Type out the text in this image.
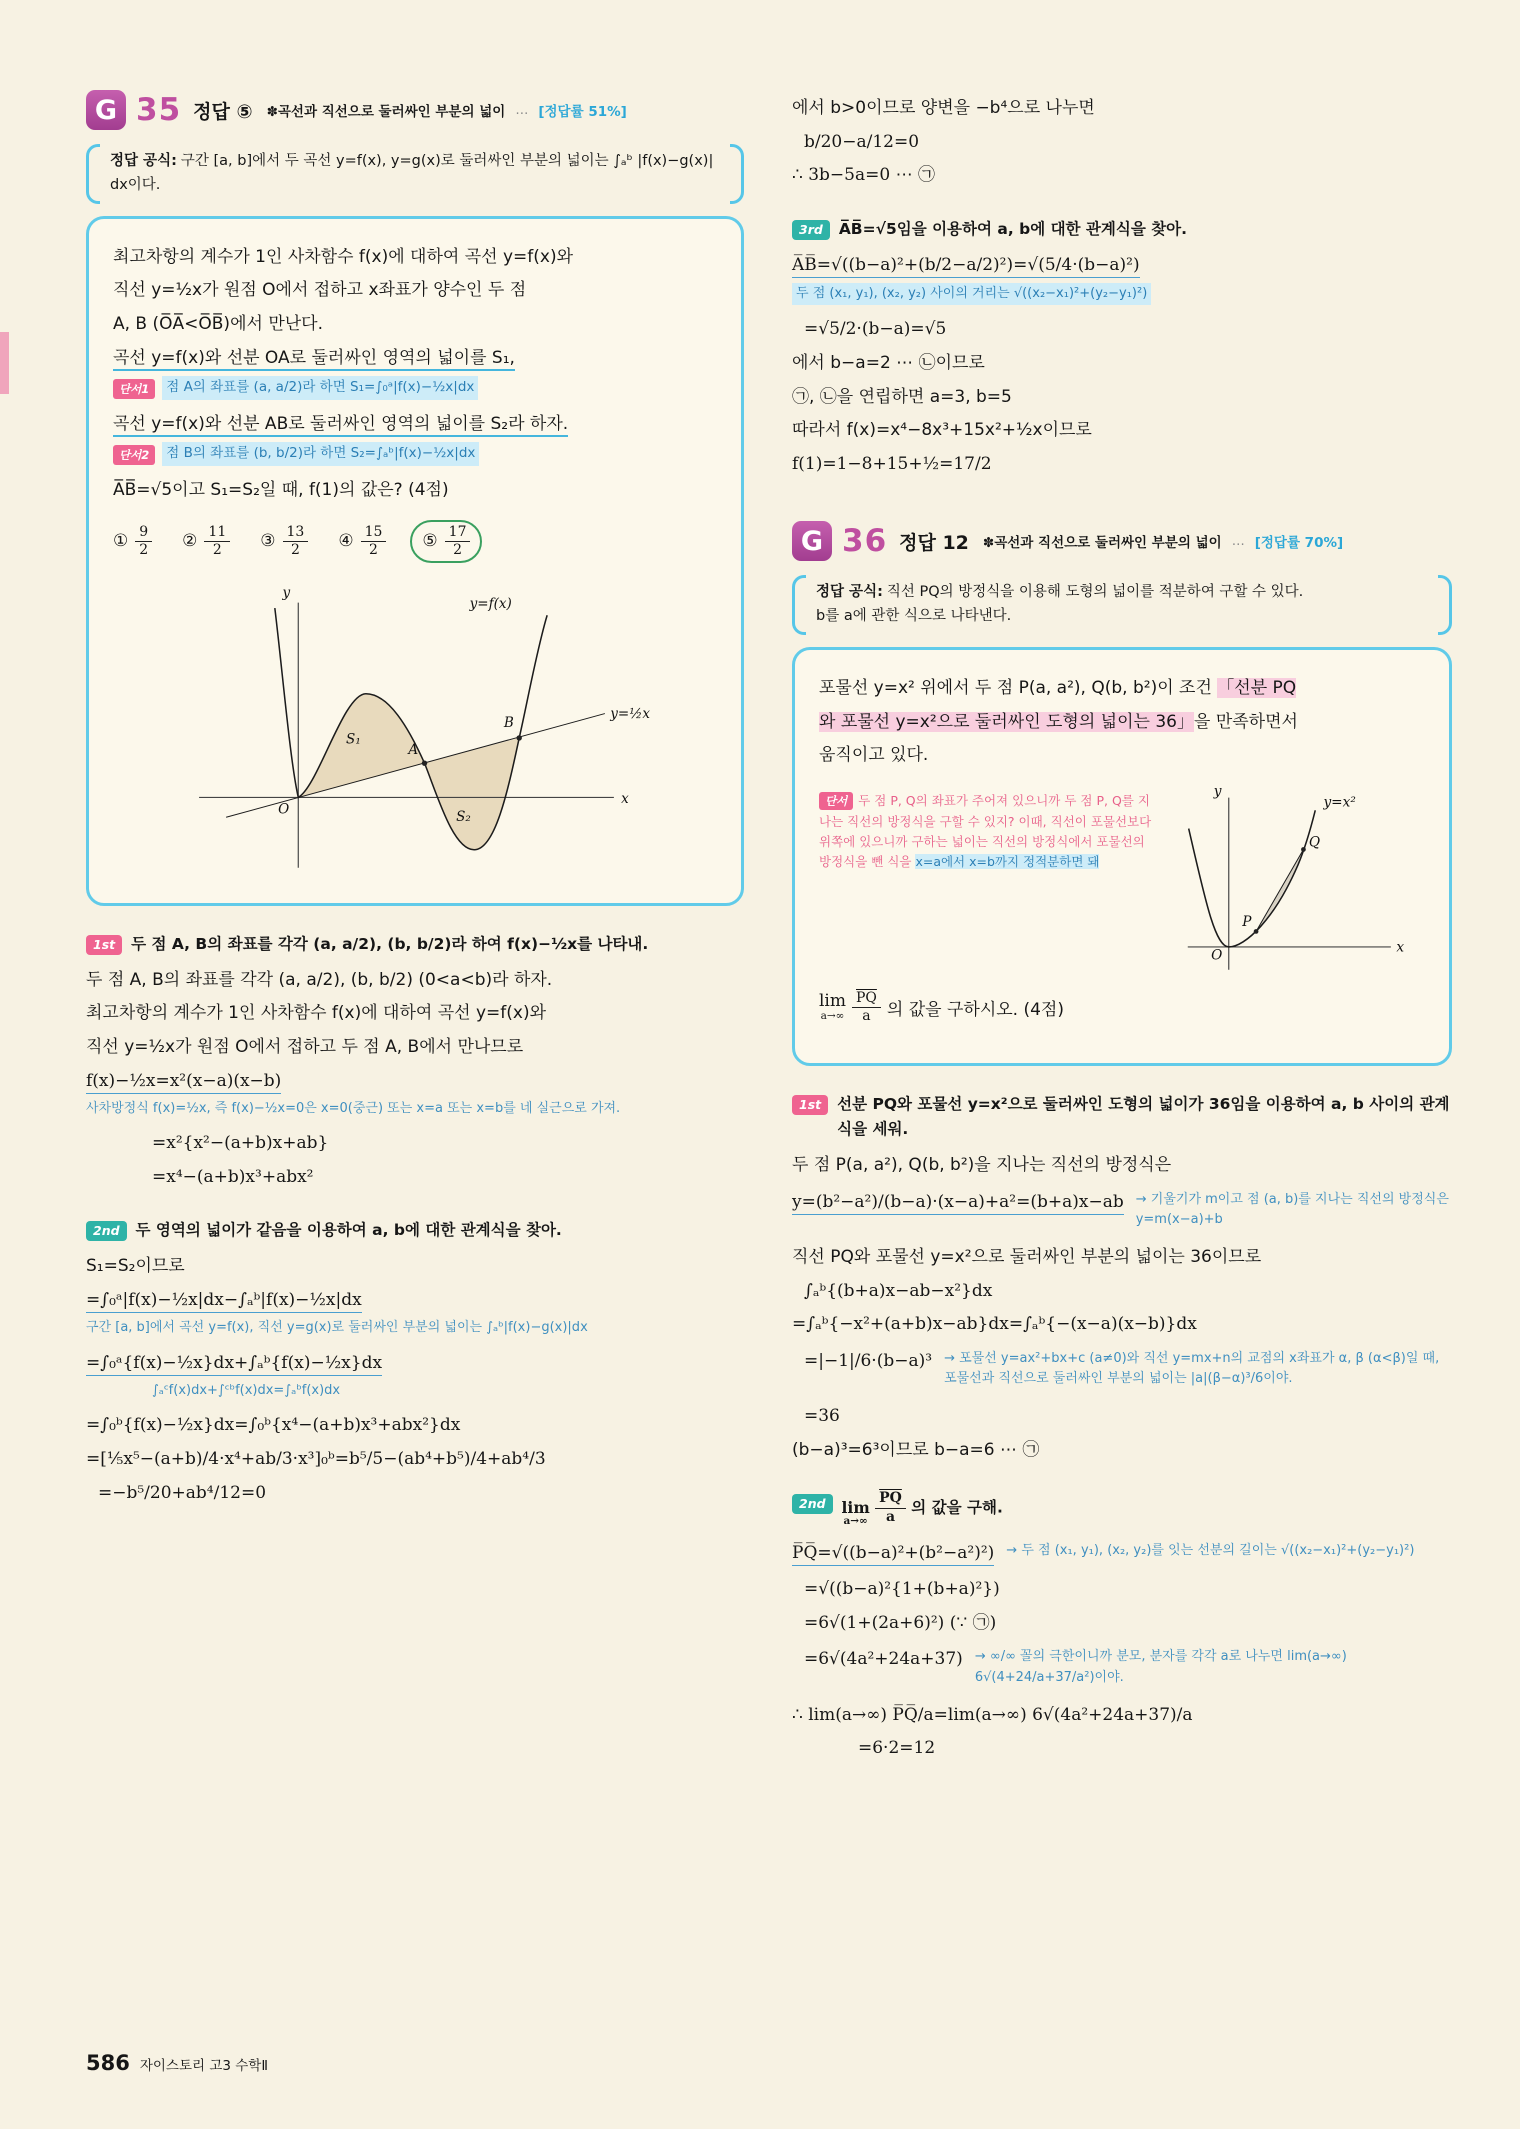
G 35 정답 ⑤ ✽곡선과 직선으로 둘러싸인 부분의 넓이 … [정답률 51%]

정답 공식: 구간 [a, b]에서 두 곡선 y=f(x), y=g(x)로 둘러싸인 부분의 넓이는 ∫ₐᵇ |f(x)−g(x)| dx이다.

최고차항의 계수가 1인 사차함수 f(x)에 대하여 곡선 y=f(x)와

직선 y=½x가 원점 O에서 접하고 x좌표가 양수인 두 점

A, B (O̅A̅<O̅B̅)에서 만난다.

곡선 y=f(x)와 선분 OA로 둘러싸인 영역의 넓이를 S₁,

단서1	점 A의 좌표를 (a, a/2)라 하면 S₁=∫₀ᵃ|f(x)−½x|dx

곡선 y=f(x)와 선분 AB로 둘러싸인 영역의 넓이를 S₂라 하자.

단서2	점 B의 좌표를 (b, b/2)라 하면 S₂=∫ₐᵇ|f(x)−½x|dx

A̅B̅=√5이고 S₁=S₂일 때, f(1)의 값은? (4점)

① $\frac{9}{2}$ ② $\frac{11}{2}$ ③ $\frac{13}{2}$ ④ $\frac{15}{2}$ ⑤ $\frac{17}{2}$
y
x
O
y=f(x)
y=½x
S₁
S₂
A
B
1st	두 점 A, B의 좌표를 각각 (a, a/2), (b, b/2)라 하여 f(x)−½x를 나타내.

두 점 A, B의 좌표를 각각 (a, a/2), (b, b/2) (0<a<b)라 하자.

최고차항의 계수가 1인 사차함수 f(x)에 대하여 곡선 y=f(x)와

직선 y=½x가 원점 O에서 접하고 두 점 A, B에서 만나므로

f(x)−½x=x²(x−a)(x−b)

사차방정식 f(x)=½x, 즉 f(x)−½x=0은 x=0(중근) 또는 x=a 또는 x=b를 네 실근으로 가져.

=x²{x²−(a+b)x+ab}

=x⁴−(a+b)x³+abx²

2nd	두 영역의 넓이가 같음을 이용하여 a, b에 대한 관계식을 찾아.

S₁=S₂이므로

=∫₀ᵃ|f(x)−½x|dx−∫ₐᵇ|f(x)−½x|dx

구간 [a, b]에서 곡선 y=f(x), 직선 y=g(x)로 둘러싸인 부분의 넓이는 ∫ₐᵇ|f(x)−g(x)|dx

=∫₀ᵃ{f(x)−½x}dx+∫ₐᵇ{f(x)−½x}dx

∫ₐᶜf(x)dx+∫ᶜᵇf(x)dx=∫ₐᵇf(x)dx

=∫₀ᵇ{f(x)−½x}dx=∫₀ᵇ{x⁴−(a+b)x³+abx²}dx

=[⅕x⁵−(a+b)/4·x⁴+ab/3·x³]₀ᵇ=b⁵/5−(ab⁴+b⁵)/4+ab⁴/3

=−b⁵/20+ab⁴/12=0

에서 b>0이므로 양변을 −b⁴으로 나누면

b/20−a/12=0

∴ 3b−5a=0 ⋯ ㉠

3rd	A̅B̅=√5임을 이용하여 a, b에 대한 관계식을 찾아.

A̅B̅=√((b−a)²+(b/2−a/2)²)=√(5/4·(b−a)²)

두 점 (x₁, y₁), (x₂, y₂) 사이의 거리는 √((x₂−x₁)²+(y₂−y₁)²)

=√5/2·(b−a)=√5

에서 b−a=2 ⋯ ㉡이므로

㉠, ㉡을 연립하면 a=3, b=5

따라서 f(x)=x⁴−8x³+15x²+½x이므로

f(1)=1−8+15+½=17/2

G 36 정답 12 ✽곡선과 직선으로 둘러싸인 부분의 넓이 … [정답률 70%]

정답 공식: 직선 PQ의 방정식을 이용해 도형의 넓이를 적분하여 구할 수 있다.
b를 a에 관한 식으로 나타낸다.

포물선 y=x² 위에서 두 점 P(a, a²), Q(b, b²)이 조건 「선분 PQ

와 포물선 y=x²으로 둘러싸인 도형의 넓이는 36」을 만족하면서

움직이고 있다.

단서 두 점 P, Q의 좌표가 주어져 있으니까 두 점 P, Q를 지나는 직선의 방정식을 구할 수 있지? 이때, 직선이 포물선보다 위쪽에 있으니까 구하는 넓이는 직선의 방정식에서 포물선의 방정식을 뺀 식을 x=a에서 x=b까지 정적분하면 돼

y
x
O
P
Q
y=x²

lim
$a\to\infty \frac{\overline{PQ}}{a}$ 의 값을 구하시오. (4점)

1st	선분 PQ와 포물선 y=x²으로 둘러싸인 도형의 넓이가 36임을 이용하여 a, b 사이의 관계식을 세워.

두 점 P(a, a²), Q(b, b²)을 지나는 직선의 방정식은

y=(b²−a²)/(b−a)·(x−a)+a²=(b+a)x−ab → 기울기가 m이고 점 (a, b)를 지나는 직선의 방정식은 y=m(x−a)+b

직선 PQ와 포물선 y=x²으로 둘러싸인 부분의 넓이는 36이므로

∫ₐᵇ{(b+a)x−ab−x²}dx

=∫ₐᵇ{−x²+(a+b)x−ab}dx=∫ₐᵇ{−(x−a)(x−b)}dx

=|−1|/6·(b−a)³ → 포물선 y=ax²+bx+c (a≠0)와 직선 y=mx+n의 교점의 x좌표가 α, β (α<β)일 때, 포물선과 직선으로 둘러싸인 부분의 넓이는 |a|(β−α)³/6이야.

=36

(b−a)³=6³이므로 b−a=6 ⋯ ㉠

2nd	lim
a→∞
$\frac{\overline{PQ}}{a}$ 의 값을 구해.

P̅Q̅=√((b−a)²+(b²−a²)²) → 두 점 (x₁, y₁), (x₂, y₂)를 잇는 선분의 길이는 √((x₂−x₁)²+(y₂−y₁)²)

=√((b−a)²{1+(b+a)²})

=6√(1+(2a+6)²) (∵ ㉠)

=6√(4a²+24a+37) → ∞/∞ 꼴의 극한이니까 분모, 분자를 각각 a로 나누면 lim(a→∞) 6√(4+24/a+37/a²)이야.

∴ lim(a→∞) P̅Q̅/a=lim(a→∞) 6√(4a²+24a+37)/a

=6·2=12

586 자이스토리 고3 수학Ⅱ
